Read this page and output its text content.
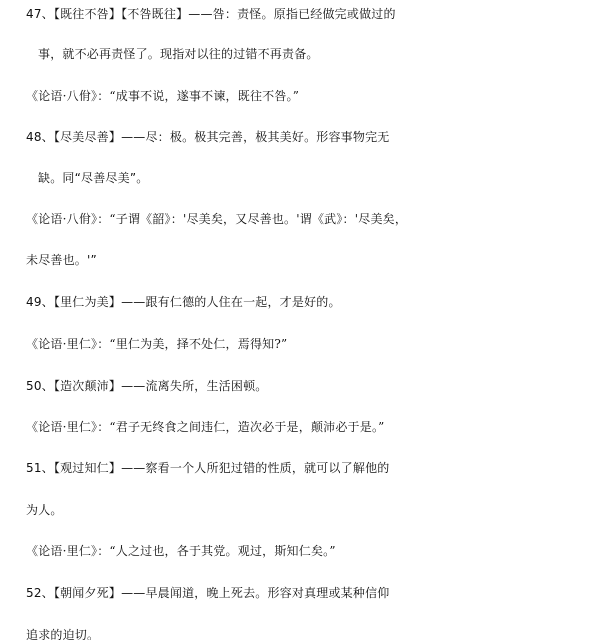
47、【既往不咎】【不咎既往】——咎：责怪。原指已经做完或做过的
事，就不必再责怪了。现指对以往的过错不再责备。
《论语·八佾》：“成事不说，遂事不谏，既往不咎。”
48、【尽美尽善】——尽：极。极其完善，极其美好。形容事物完无
缺。同“尽善尽美”。
《论语·八佾》：“子谓《韶》：'尽美矣，又尽善也。'谓《武》：'尽美矣，
未尽善也。'”
49、【里仁为美】——跟有仁德的人住在一起，才是好的。
《论语·里仁》：“里仁为美，择不处仁，焉得知?”
50、【造次颠沛】——流离失所，生活困顿。
《论语·里仁》：“君子无终食之间违仁，造次必于是，颠沛必于是。”
51、【观过知仁】——察看一个人所犯过错的性质，就可以了解他的
为人。
《论语·里仁》：“人之过也，各于其党。观过，斯知仁矣。”
52、【朝闻夕死】——早晨闻道，晚上死去。形容对真理或某种信仰
追求的迫切。
